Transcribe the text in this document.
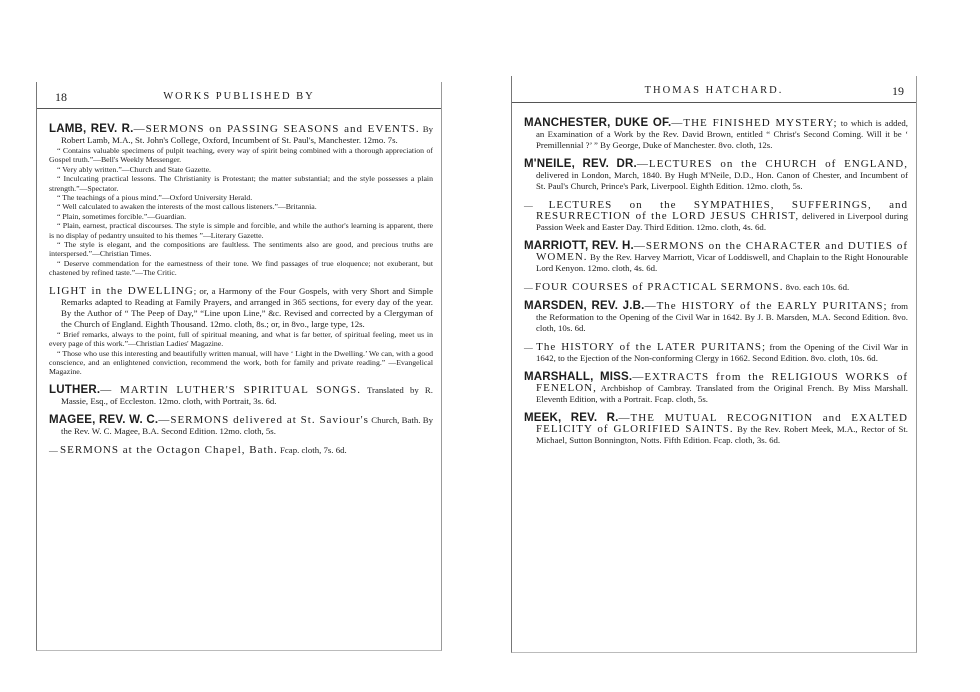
18	WORKS PUBLISHED BY

LAMB, REV. R.—SERMONS on PASSING SEASONS and EVENTS. By Robert Lamb, M.A., St. John's College, Oxford, Incumbent of St. Paul's, Manchester. 12mo. 7s.

“ Contains valuable specimens of pulpit teaching, every way of spirit being combined with a thorough appreciation of Gospel truth.”—Bell's Weekly Messenger.

“ Very ably written.”—Church and State Gazette.

“ Inculcating practical lessons. The Christianity is Protestant; the matter substantial; and the style possesses a plain strength.”—Spectator.

“ The teachings of a pious mind.”—Oxford University Herald.

“ Well calculated to awaken the interests of the most callous listeners.”—Britannia.

“ Plain, sometimes forcible.”—Guardian.

“ Plain, earnest, practical discourses. The style is simple and forcible, and while the author's learning is apparent, there is no display of pedantry unsuited to his themes ”—Literary Gazette.

“ The style is elegant, and the compositions are faultless. The sentiments also are good, and precious truths are interspersed.”—Christian Times.

“ Deserve commendation for the earnestness of their tone. We find passages of true eloquence; not exuberant, but chastened by refined taste.”—The Critic.

LIGHT in the DWELLING; or, a Harmony of the Four Gospels, with very Short and Simple Remarks adapted to Reading at Family Prayers, and arranged in 365 sections, for every day of the year. By the Author of “ The Peep of Day,” “Line upon Line,” &c. Revised and corrected by a Clergyman of the Church of England. Eighth Thousand. 12mo. cloth, 8s.; or, in 8vo., large type, 12s.

“ Brief remarks, always to the point, full of spiritual meaning, and what is far better, of spiritual feeling, meet us in every page of this work.”—Christian Ladies' Magazine.

“ Those who use this interesting and beautifully written manual, will have ‘ Light in the Dwelling.’ We can, with a good conscience, and an enlightened conviction, recommend the work, both for family and private reading.” —Evangelical Magazine.

LUTHER.— MARTIN LUTHER'S SPIRITUAL SONGS. Translated by R. Massie, Esq., of Eccleston. 12mo. cloth, with Portrait, 3s. 6d.

MAGEE, REV. W. C.—SERMONS delivered at St. Saviour's Church, Bath. By the Rev. W. C. Magee, B.A. Second Edition. 12mo. cloth, 5s.

— SERMONS at the Octagon Chapel, Bath. Fcap. cloth, 7s. 6d.

THOMAS HATCHARD.	19

MANCHESTER, DUKE OF.—THE FINISHED MYSTERY; to which is added, an Examination of a Work by the Rev. David Brown, entitled “ Christ's Second Coming. Will it be ‘ Premillennial ?’ ” By George, Duke of Manchester. 8vo. cloth, 12s.

M'NEILE, REV. DR.—LECTURES on the CHURCH of ENGLAND, delivered in London, March, 1840. By Hugh M'Neile, D.D., Hon. Canon of Chester, and Incumbent of St. Paul's Church, Prince's Park, Liverpool. Eighth Edition. 12mo. cloth, 5s.

— LECTURES on the SYMPATHIES, SUFFERINGS, and RESURRECTION of the LORD JESUS CHRIST, delivered in Liverpool during Passion Week and Easter Day. Third Edition. 12mo. cloth, 4s. 6d.

MARRIOTT, REV. H.—SERMONS on the CHARACTER and DUTIES of WOMEN. By the Rev. Harvey Marriott, Vicar of Loddiswell, and Chaplain to the Right Honourable Lord Kenyon. 12mo. cloth, 4s. 6d.

— FOUR COURSES of PRACTICAL SERMONS. 8vo. each 10s. 6d.

MARSDEN, REV. J.B.—The HISTORY of the EARLY PURITANS; from the Reformation to the Opening of the Civil War in 1642. By J. B. Marsden, M.A. Second Edition. 8vo. cloth, 10s. 6d.

— The HISTORY of the LATER PURITANS; from the Opening of the Civil War in 1642, to the Ejection of the Non-conforming Clergy in 1662. Second Edition. 8vo. cloth, 10s. 6d.

MARSHALL, MISS.—EXTRACTS from the RELIGIOUS WORKS of FENELON, Archbishop of Cambray. Translated from the Original French. By Miss Marshall. Eleventh Edition, with a Portrait. Fcap. cloth, 5s.

MEEK, REV. R.—THE MUTUAL RECOGNITION and EXALTED FELICITY of GLORIFIED SAINTS. By the Rev. Robert Meek, M.A., Rector of St. Michael, Sutton Bonnington, Notts. Fifth Edition. Fcap. cloth, 3s. 6d.
